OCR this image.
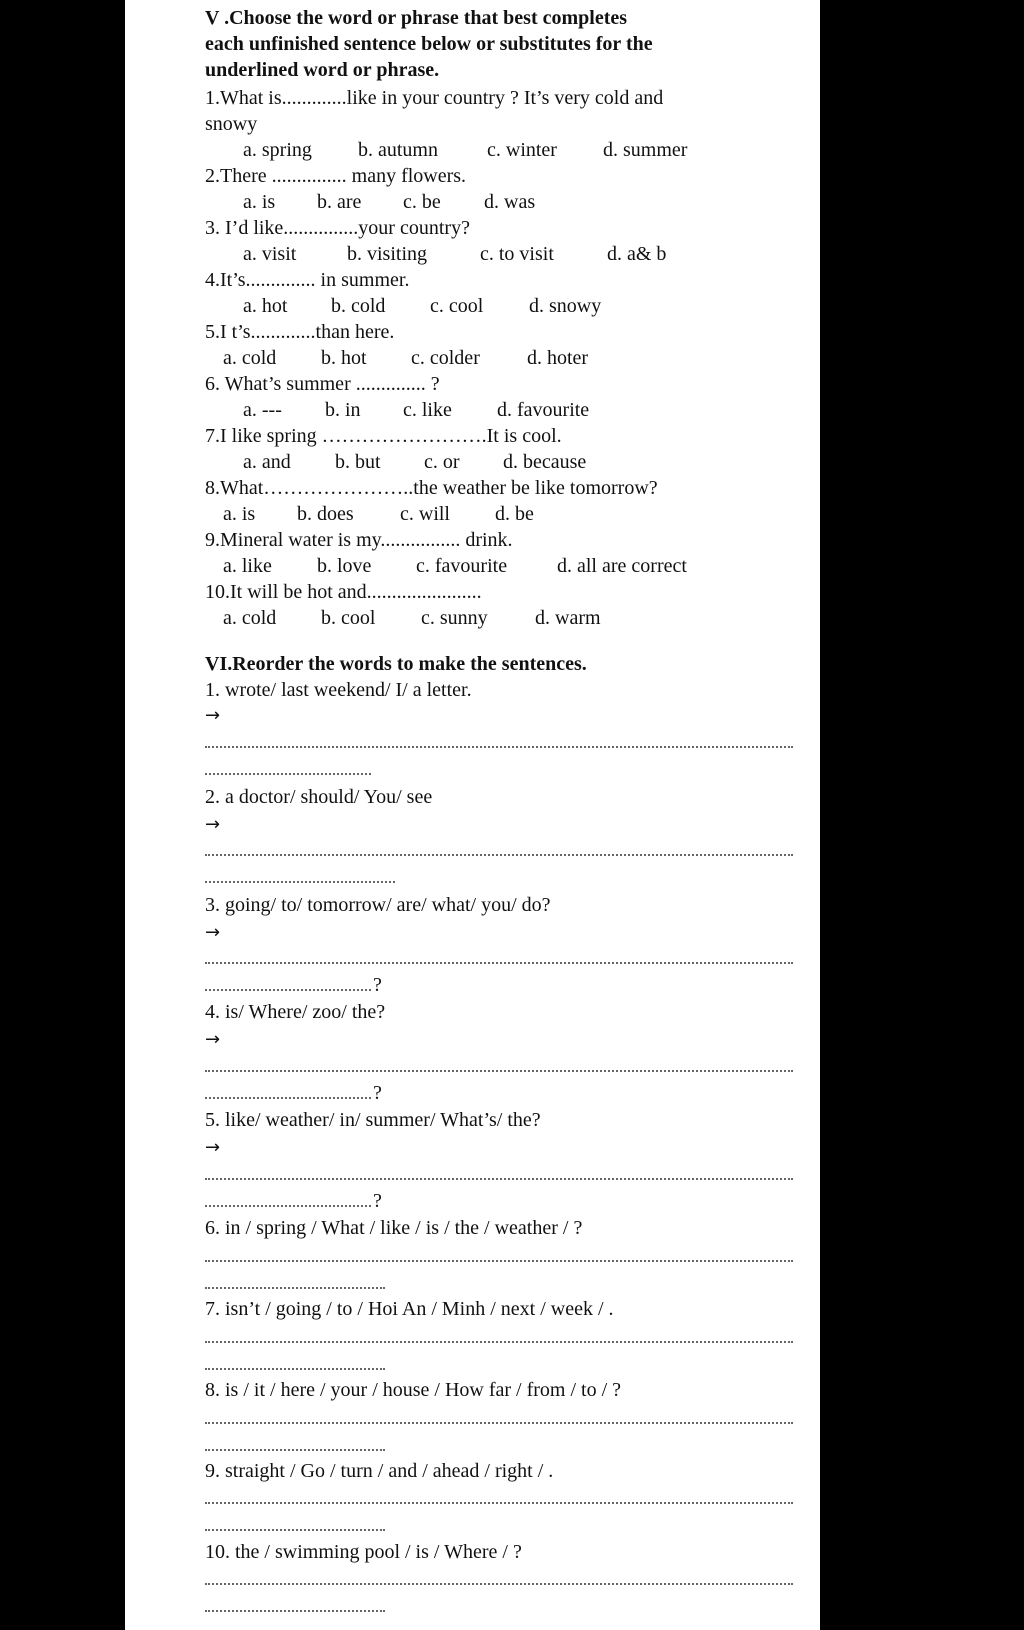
V .Choose the word or phrase that best completes
each unfinished sentence below or substitutes for the
underlined word or phrase.
1.What is.............like in your country ? It’s very cold and
snowy
a. spring b. autumn c. winter d. summer
2.There ............... many flowers.
a. is b. are c. be d. was
3. I’d like...............your country?
a. visit	b. visiting	c. to visit	d. a& b
4.It’s.............. in summer.
a. hot b. cold c. cool d. snowy
5.I t’s.............than here.
a. cold b. hot c. colder d. hoter
6. What’s summer .............. ?
a. --- b. in c. like d. favourite
7.I like spring …………………….It is cool.
a. and b. but c. or d. because
8.What…………………..the weather be like tomorrow?
a. is b. does c. will d. be
9.Mineral water is my................ drink.
a. like b. love c. favourite d. all are correct
10.It will be hot and.......................
a. cold b. cool c. sunny d. warm
VI.Reorder the words to make the sentences.
1. wrote/ last weekend/ I/ a letter.
→
2. a doctor/ should/ You/ see
→
3. going/ to/ tomorrow/ are/ what/ you/ do?
→
?
4. is/ Where/ zoo/ the?
→
?
5. like/ weather/ in/ summer/ What’s/ the?
→
?
6. in / spring / What / like / is / the / weather / ?
7. isn’t / going / to / Hoi An / Minh / next / week / .
8. is / it / here / your / house / How far / from / to / ?
9. straight / Go / turn / and / ahead / right / .
10. the / swimming pool / is / Where / ?
